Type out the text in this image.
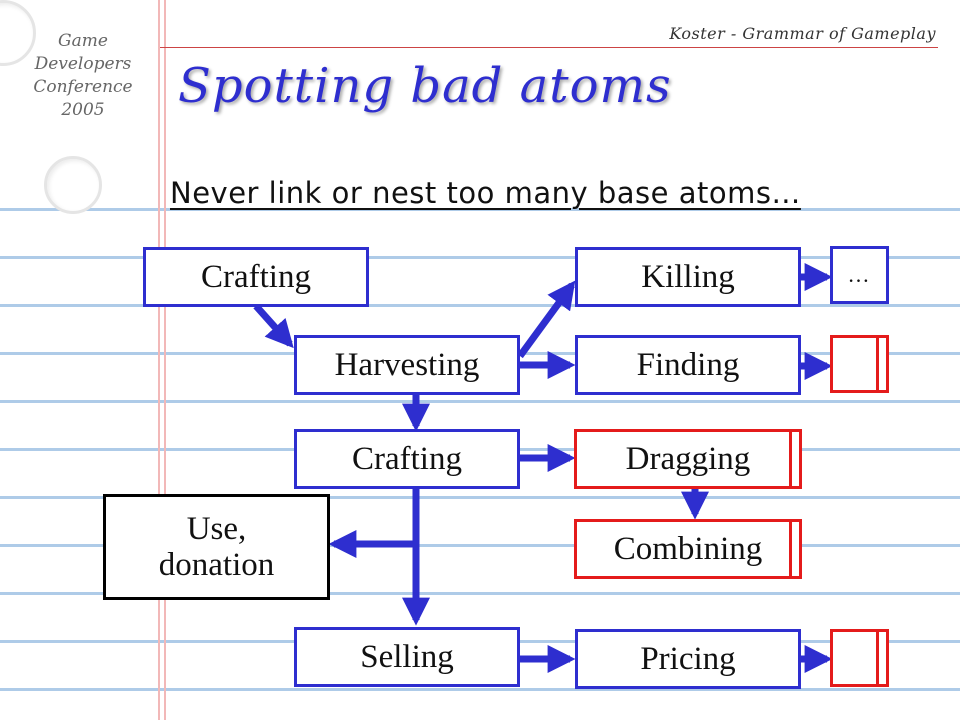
Game
Developers
Conference
2005
Koster - Grammar of Gameplay
Spotting bad atoms
Never link or nest too many base atoms…
Crafting
Harvesting
Killing	…
Finding
Crafting	Dragging
Combining
Use,
donation
Selling	Pricing
